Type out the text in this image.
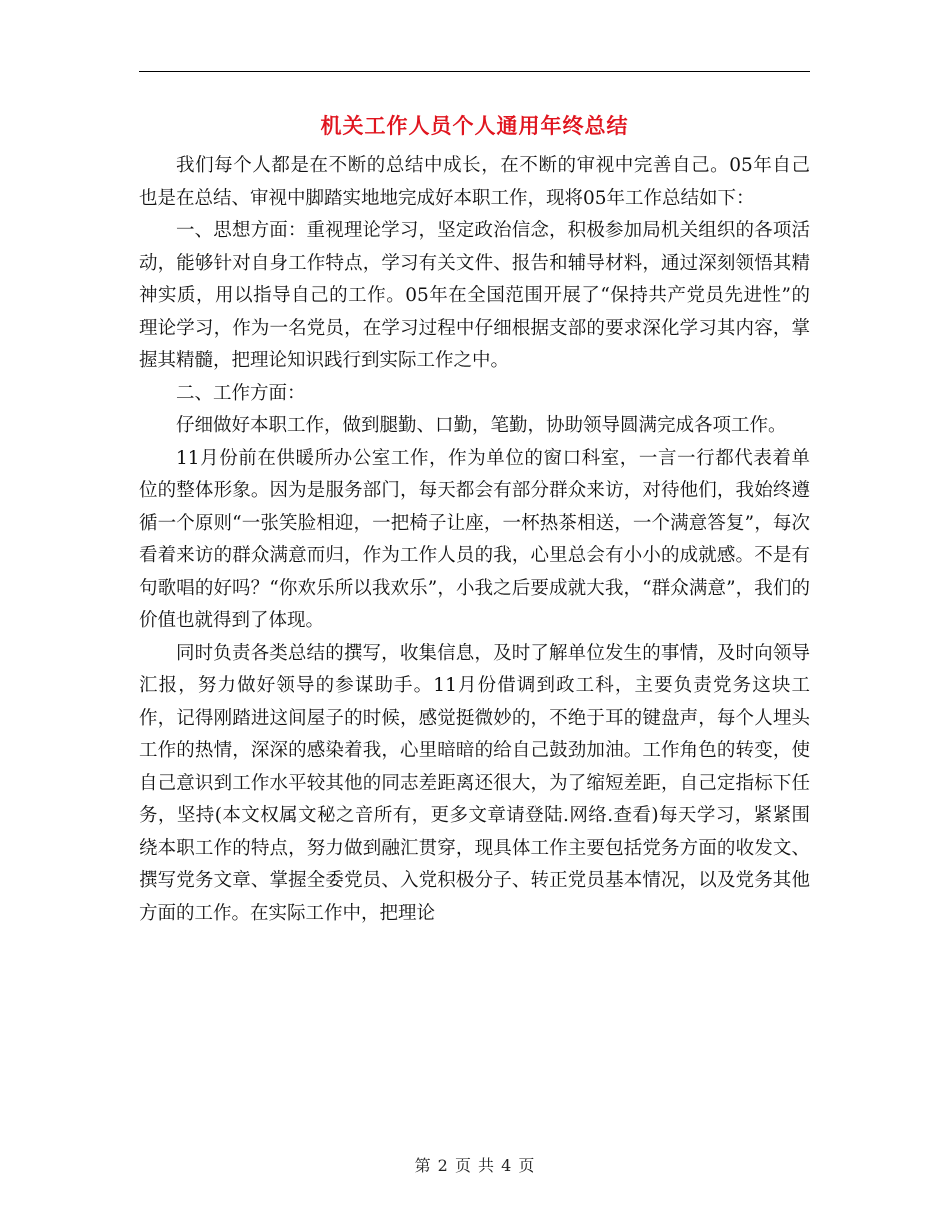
机关工作人员个人通用年终总结

我们每个人都是在不断的总结中成长，在不断的审视中完善自己。05年自己也是在总结、审视中脚踏实地地完成好本职工作，现将05年工作总结如下：

一、思想方面：重视理论学习，坚定政治信念，积极参加局机关组织的各项活动，能够针对自身工作特点，学习有关文件、报告和辅导材料，通过深刻领悟其精神实质，用以指导自己的工作。05年在全国范围开展了“保持共产党员先进性”的理论学习，作为一名党员，在学习过程中仔细根据支部的要求深化学习其内容，掌握其精髓，把理论知识践行到实际工作之中。

二、工作方面：

仔细做好本职工作，做到腿勤、口勤，笔勤，协助领导圆满完成各项工作。

11月份前在供暖所办公室工作，作为单位的窗口科室，一言一行都代表着单位的整体形象。因为是服务部门，每天都会有部分群众来访，对待他们，我始终遵循一个原则“一张笑脸相迎，一把椅子让座，一杯热茶相送，一个满意答复”，每次看着来访的群众满意而归，作为工作人员的我，心里总会有小小的成就感。不是有句歌唱的好吗？“你欢乐所以我欢乐”，小我之后要成就大我，“群众满意”，我们的价值也就得到了体现。

同时负责各类总结的撰写，收集信息，及时了解单位发生的事情，及时向领导汇报，努力做好领导的参谋助手。11月份借调到政工科，主要负责党务这块工作，记得刚踏进这间屋子的时候，感觉挺微妙的，不绝于耳的键盘声，每个人埋头工作的热情，深深的感染着我，心里暗暗的给自己鼓劲加油。工作角色的转变，使自己意识到工作水平较其他的同志差距离还很大，为了缩短差距，自己定指标下任务，坚持(本文权属文秘之音所有，更多文章请登陆.网络.查看)每天学习，紧紧围绕本职工作的特点，努力做到融汇贯穿，现具体工作主要包括党务方面的收发文、撰写党务文章、掌握全委党员、入党积极分子、转正党员基本情况，以及党务其他方面的工作。在实际工作中，把理论

第 2 页 共 4 页
